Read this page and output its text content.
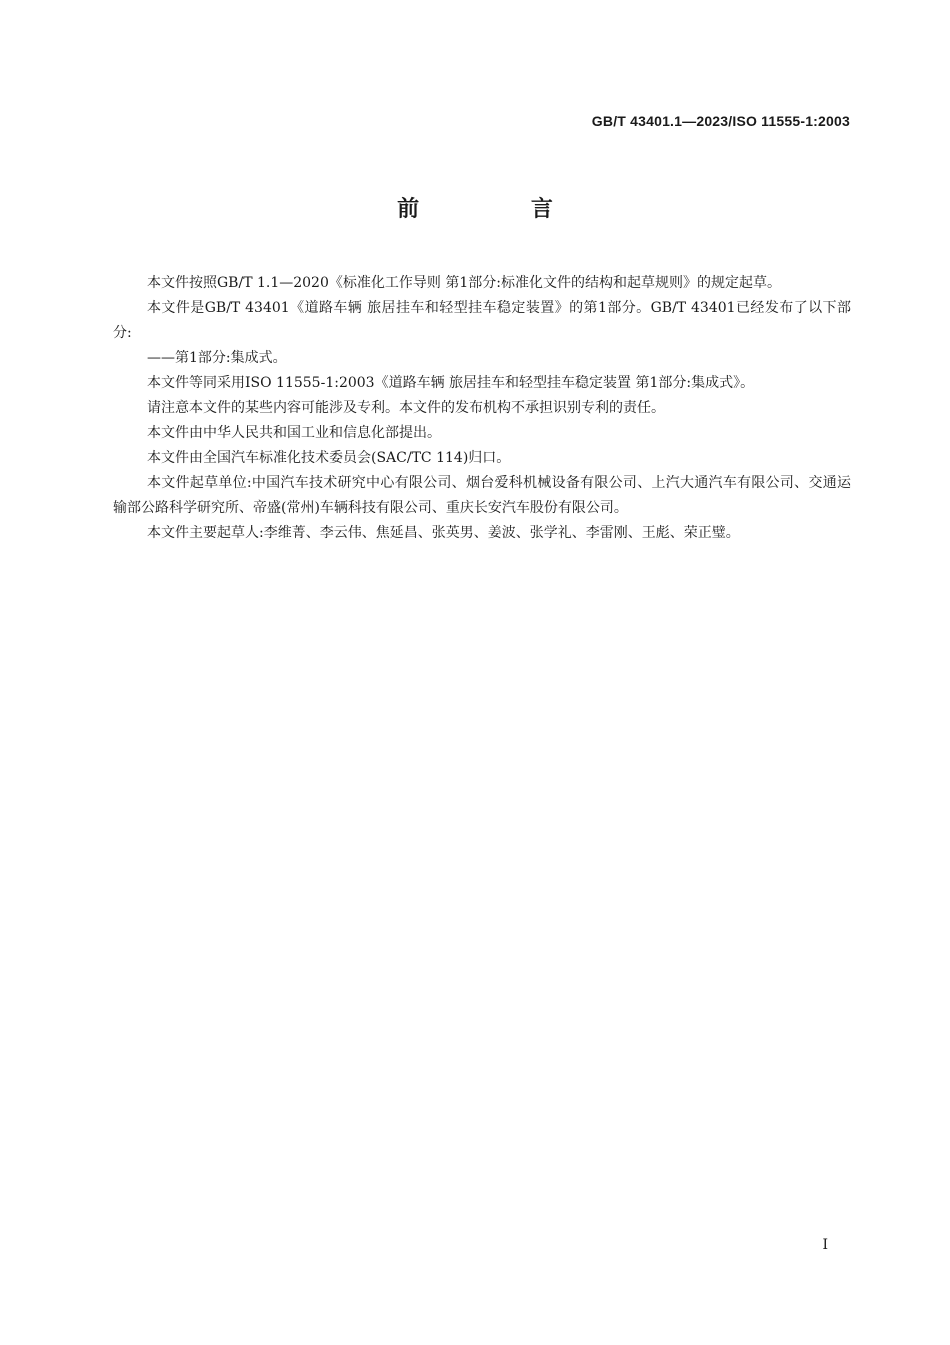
GB/T 43401.1—2023/ISO 11555-1:2003
前 言

本文件按照GB/T 1.1—2020《标准化工作导则 第1部分:标准化文件的结构和起草规则》的规定起草。

本文件是GB/T 43401《道路车辆 旅居挂车和轻型挂车稳定装置》的第1部分。GB/T 43401已经发布了以下部分:

——第1部分:集成式。

本文件等同采用ISO 11555-1:2003《道路车辆 旅居挂车和轻型挂车稳定装置 第1部分:集成式》。

请注意本文件的某些内容可能涉及专利。本文件的发布机构不承担识别专利的责任。

本文件由中华人民共和国工业和信息化部提出。

本文件由全国汽车标准化技术委员会(SAC/TC 114)归口。

本文件起草单位:中国汽车技术研究中心有限公司、烟台爱科机械设备有限公司、上汽大通汽车有限公司、交通运输部公路科学研究所、帝盛(常州)车辆科技有限公司、重庆长安汽车股份有限公司。

本文件主要起草人:李维菁、李云伟、焦延昌、张英男、姜波、张学礼、李雷刚、王彪、荣正璧。

I
